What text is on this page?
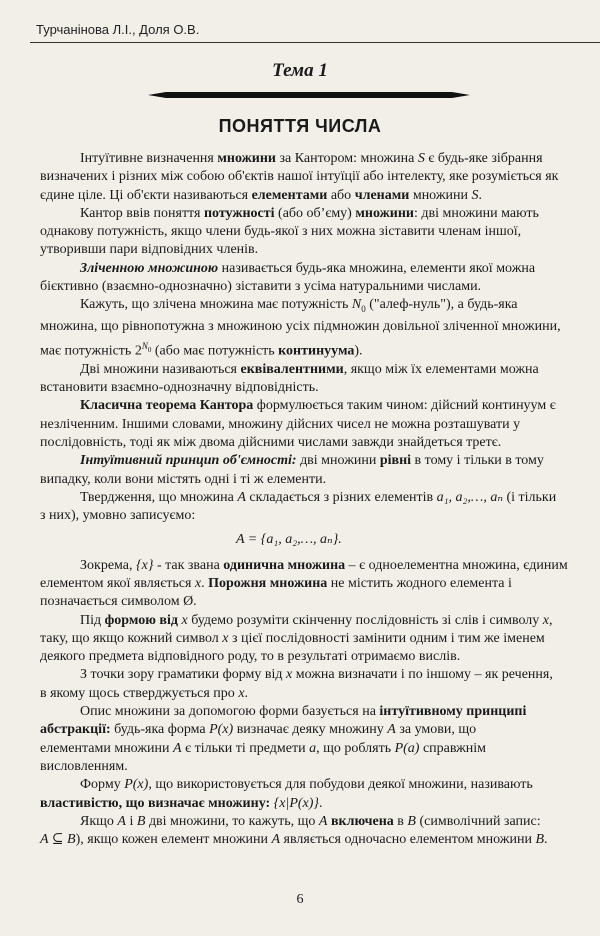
Турчанінова Л.І., Доля О.В.
Тема 1
ПОНЯТТЯ ЧИСЛА

Інтуїтивне визначення множини за Кантором: множина S є будь-яке зібрання
визначених і різних між собою об'єктів нашої інтуїції або інтелекту, яке розуміється як
єдине ціле. Ці об'єкти називаються елементами або членами множини S.

Кантор ввів поняття потужності (або об’єму) множини: дві множини мають
однакову потужність, якщо члени будь-якої з них можна зіставити членам іншої,
утворивши пари відповідних членів.

Зліченною множиною називається будь-яка множина, елементи якої можна
бієктивно (взаємно-однозначно) зіставити з усіма натуральними числами.

Кажуть, що злічена множина має потужність $N_0$ ("алеф-нуль"), а будь-яка
множина, що рівнопотужна з множиною усіх підмножин довільної зліченної множини,
має потужність $2^{N_0}$ (або має потужність континуума).

Дві множини називаються еквівалентними, якщо між їх елементами можна
встановити взаємно-однозначну відповідність.

Класична теорема Кантора формулюється таким чином: дійсний континуум є
незліченним. Іншими словами, множину дійсних чисел не можна розташувати у
послідовність, тоді як між двома дійсними числами завжди знайдеться третє.

Інтуїтивний принцип об'ємності: дві множини рівні в тому і тільки в тому
випадку, коли вони містять одні і ті ж елементи.

Твердження, що множина A складається з різних елементів a₁, a₂,…, aₙ (і тільки
з них), умовно записуємо:

A = {a₁, a₂,…, aₙ}.

Зокрема, {x} - так звана одинична множина – є одноелементна множина, єдиним
елементом якої являється x. Порожня множина не містить жодного елемента і
позначається символом Ø.

Під формою від x будемо розуміти скінченну послідовність зі слів і символу x,
таку, що якщо кожний символ x з цієї послідовності замінити одним і тим же іменем
деякого предмета відповідного роду, то в результаті отримаємо вислів.

З точки зору граматики форму від x можна визначати і по іншому – як речення,
в якому щось стверджується про x.

Опис множини за допомогою форми базується на інтуїтивному принципі
абстракції: будь-яка форма P(x) визначає деяку множину A за умови, що
елементами множини A є тільки ті предмети a, що роблять P(a) справжнім
висловленням.

Форму P(x), що використовується для побудови деякої множини, називають
властивістю, що визначає множину: {x|P(x)}.

Якщо A і B дві множини, то кажуть, що A включена в B (символічний запис:
A ⊆ B), якщо кожен елемент множини A являється одночасно елементом множини B.

6
